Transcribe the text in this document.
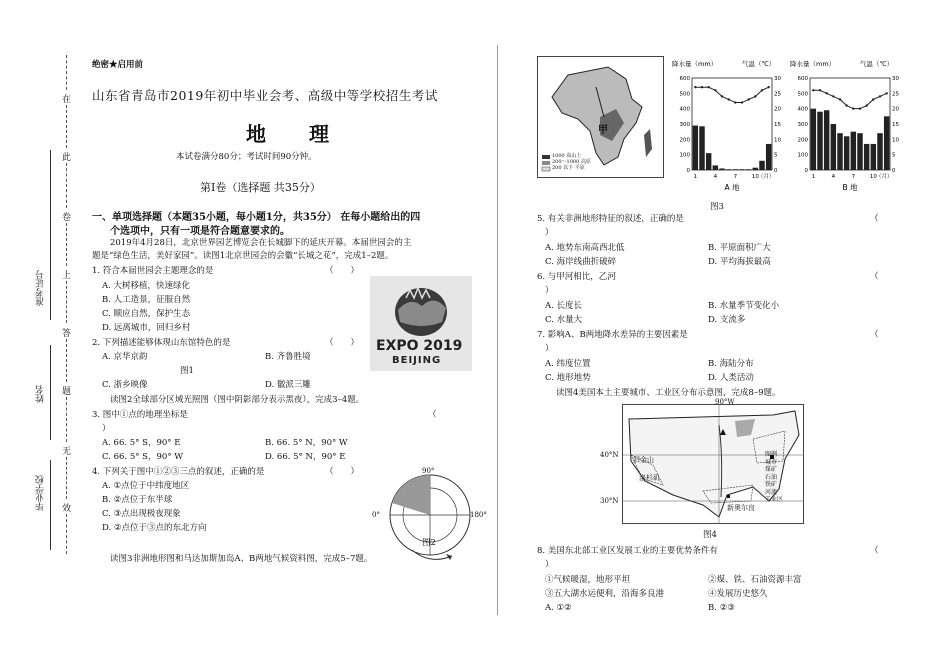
在
此
卷
上
答
题
无
效
准考证号
姓名
毕业学校
绝密★启用前
山东省青岛市2019年初中毕业会考、高级中等学校招生考试
地 理
本试卷满分80分；考试时间90分钟。
第Ⅰ卷（选择题 共35分）
一、单项选择题（本题35小题，每小题1分，共35分） 在每小题给出的四
个选项中，只有一项是符合题意要求的。
2019年4月28日，北京世界园艺博览会在长城脚下的延庆开幕。本届世园会的主
题是“绿色生活，美好家园”。读图1北京世园会的会徽“长城之花”，完成1–2题。
1. 符合本届世园会主题理念的是	（　　）
A. 大树移植，快速绿化
B. 人工造景，征服自然
C. 顺应自然，保护生态
D. 远离城市，回归乡村
EXPO 2019
BEIJING
2. 下列描述能够体现山东馆特色的是	（　　）
A. 京华京韵	B. 齐鲁胜境
图1
C. 浙乡映像	D. 徽派三雕
读图2全球部分区域光照图（图中阴影部分表示黑夜），完成3–4题。
3. 图中①点的地理坐标是	（
）
A. 66. 5° S，90° E	B. 66. 5° N，90° W
C. 66. 5° S，90° W	D. 66. 5° N，90° E
4. 下列关于图中①②③三点的叙述，正确的是	（　　）
A. ①点位于中纬度地区
B. ②点位于东半球
C. ③点出现极夜现象
D. ②点位于③点的东北方向
0°	180°
90°
图2
读图3非洲地形图和马达加斯加岛A、B两地气候资料图，完成5–7题。
甲
1000 高山上
200～1000 高原
200 以下 平原
降水量（mm）	气温（℃）
600	30
500	25
400	20
300	15
200	10
100	5
0	0
1	4	7	10 （月）
A 地
降水量（mm）	气温（℃）
600	30
500	25
400	20
300	15
200	10
100	5
0	0
1	4	7	10 （月）
B 地
图3
5. 有关非洲地形特征的叙述，正确的是	（
）
A. 地势东南高西北低	B. 平原面积广大
C. 海岸线曲折破碎	D. 平均海拔最高
6. 与甲河相比，乙河	（
）
A. 长度长	B. 水量季节变化小
C. 水量大	D. 支流多
7. 影响A、B两地降水差异的主要因素是	（
）
A. 纬度位置	B. 海陆分布
C. 地形地势	D. 人类活动
读图4美国本土主要城市、工业区分布示意图，完成8–9题。
旧金山
洛杉矶
新奥尔良
图例
城市
煤矿
石油
铁矿
河流
工业区
90°W
40°N
30°N
图4
8. 美国东北部工业区发展工业的主要优势条件有	（
）
①气候暖湿，地形平坦	②煤、铁、石油资源丰富
③五大湖水运便利，沿海多良港	④发展历史悠久
A. ①②	B. ②③
